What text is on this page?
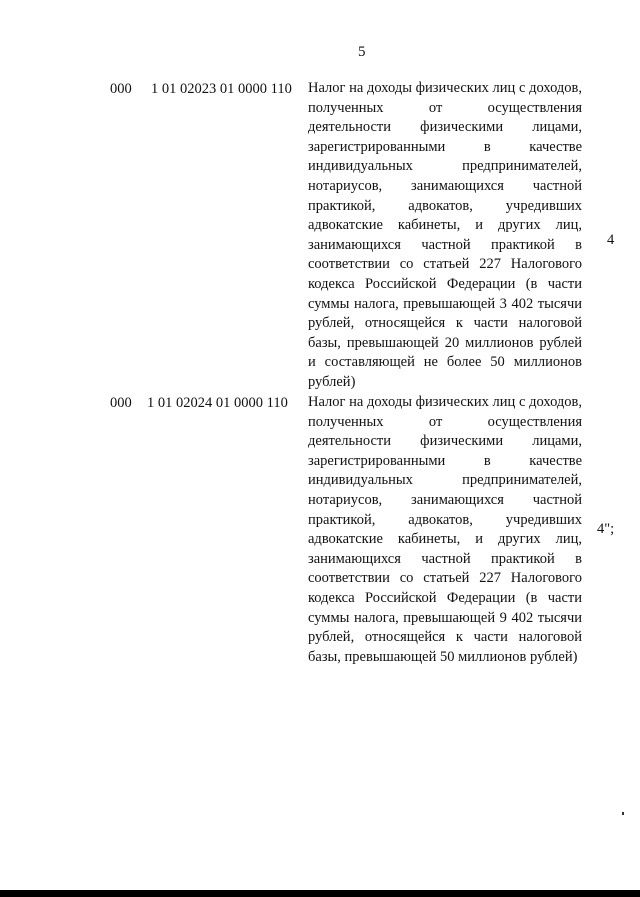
5
000 1 01 02023 01 0000 110 Налог на доходы физических лиц с доходов, полученных от осуществления деятельности физическими лицами, зарегистрированными в качестве индивидуальных предпринимателей, нотариусов, занимающихся частной практикой, адвокатов, учредивших адвокатские кабинеты, и других лиц, занимающихся частной практикой в соответствии со статьей 227 Налогового кодекса Российской Федерации (в части суммы налога, превышающей 3 402 тысячи рублей, относящейся к части налоговой базы, превышающей 20 миллионов рублей и составляющей не более 50 миллионов рублей)
4
000 1 01 02024 01 0000 110 Налог на доходы физических лиц с доходов, полученных от осуществления деятельности физическими лицами, зарегистрированными в качестве индивидуальных предпринимателей, нотариусов, занимающихся частной практикой, адвокатов, учредивших адвокатские кабинеты, и других лиц, занимающихся частной практикой в соответствии со статьей 227 Налогового кодекса Российской Федерации (в части суммы налога, превышающей 9 402 тысячи рублей, относящейся к части налоговой базы, превышающей 50 миллионов рублей)
4";
